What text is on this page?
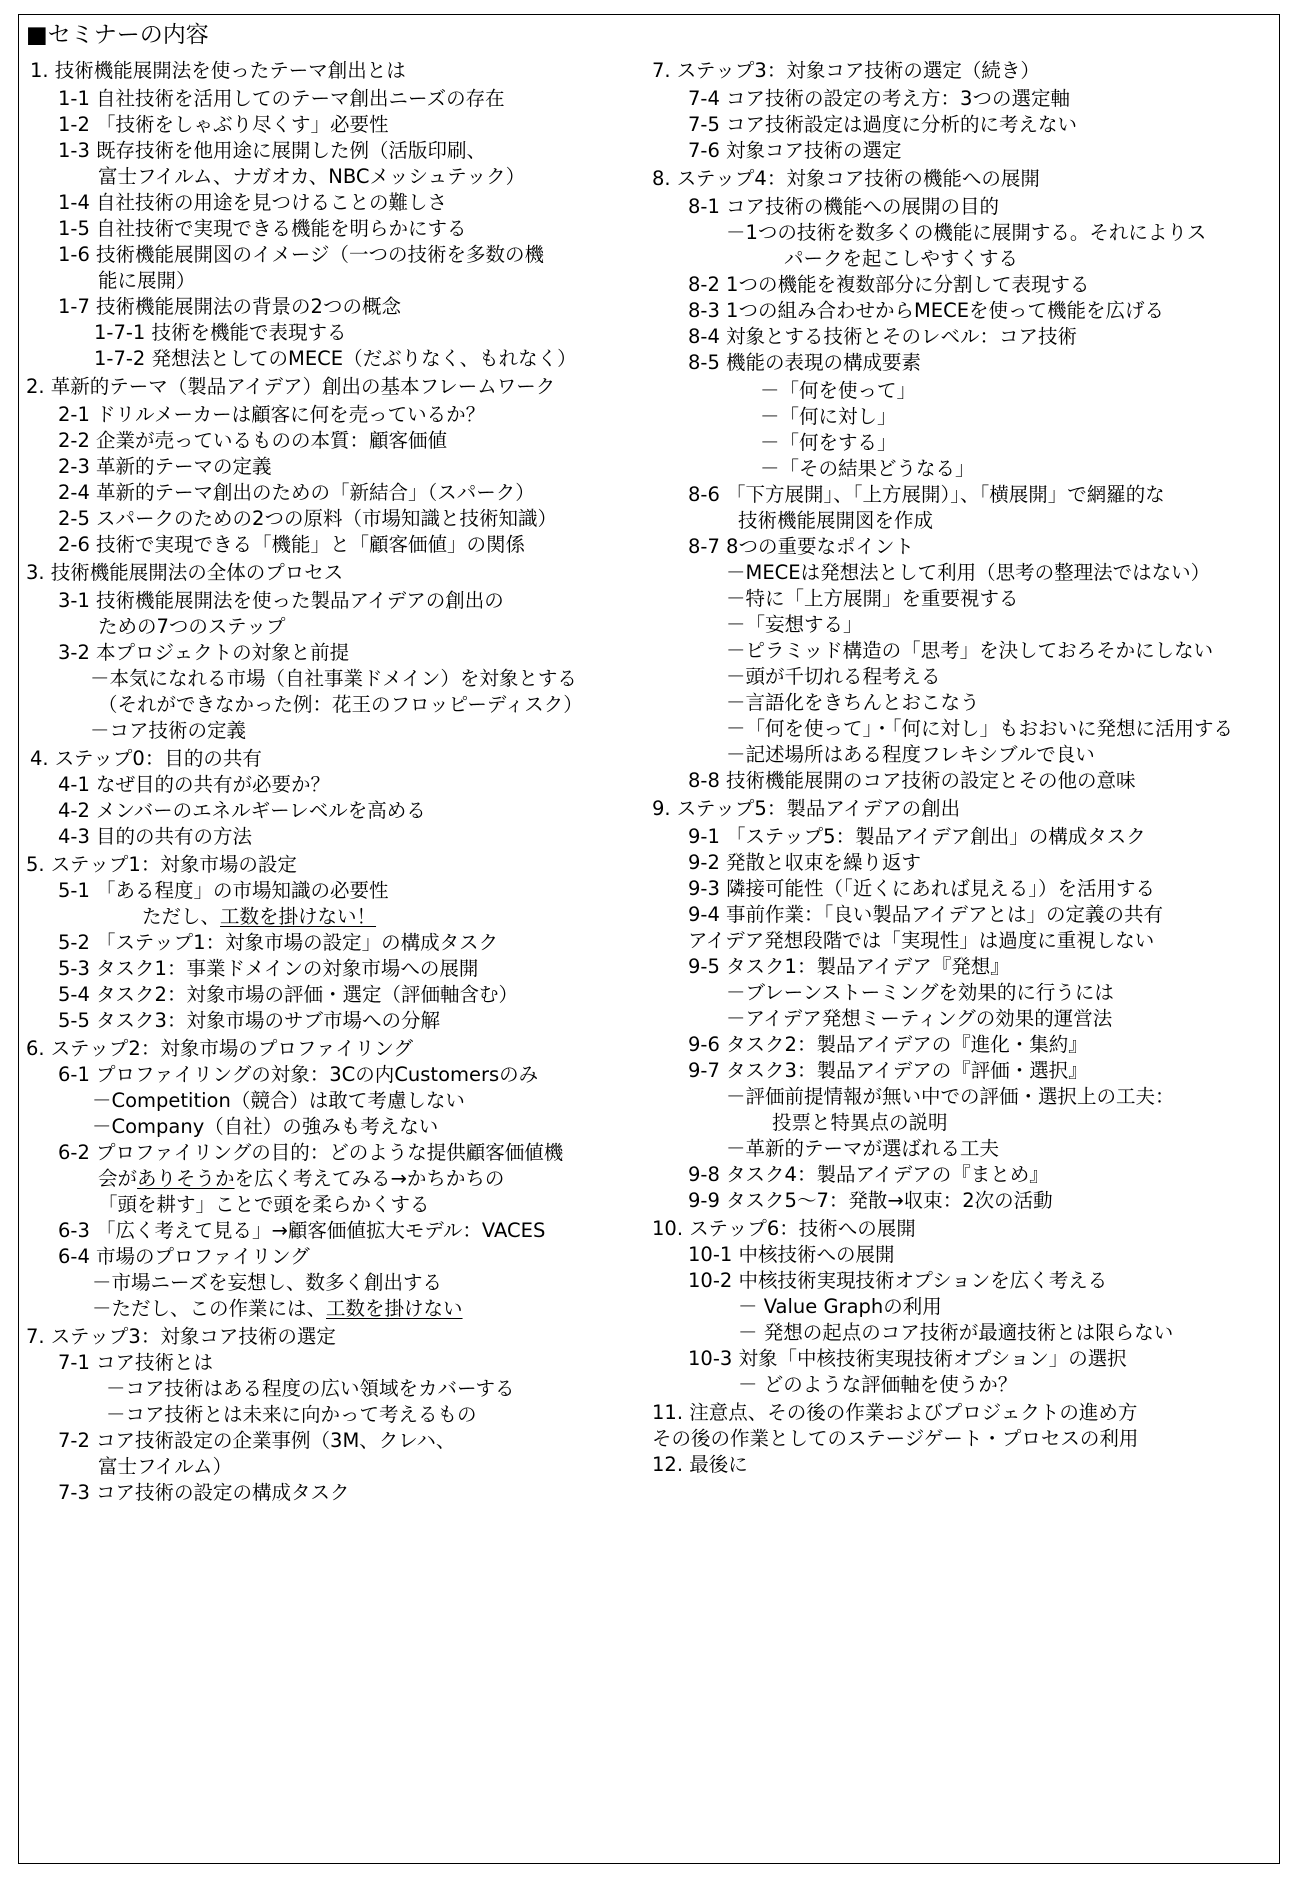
■セミナーの内容
1. 技術機能展開法を使ったテーマ創出とは
1-1 自社技術を活用してのテーマ創出ニーズの存在
1-2 「技術をしゃぶり尽くす」必要性
1-3 既存技術を他用途に展開した例（活版印刷、
富士フイルム、ナガオカ、NBCメッシュテック）
1-4 自社技術の用途を見つけることの難しさ
1-5 自社技術で実現できる機能を明らかにする
1-6 技術機能展開図のイメージ（一つの技術を多数の機
能に展開）
1-7 技術機能展開法の背景の2つの概念
1-7-1 技術を機能で表現する
1-7-2 発想法としてのMECE（だぶりなく、もれなく）
2. 革新的テーマ（製品アイデア）創出の基本フレームワーク
2-1 ドリルメーカーは顧客に何を売っているか？
2-2 企業が売っているものの本質：顧客価値
2-3 革新的テーマの定義
2-4 革新的テーマ創出のための「新結合」（スパーク）
2-5 スパークのための2つの原料（市場知識と技術知識）
2-6 技術で実現できる「機能」と「顧客価値」の関係
3. 技術機能展開法の全体のプロセス
3-1 技術機能展開法を使った製品アイデアの創出の
ための7つのステップ
3-2 本プロジェクトの対象と前提
－本気になれる市場（自社事業ドメイン）を対象とする
（それができなかった例：花王のフロッピーディスク）
－コア技術の定義
4. ステップ0：目的の共有
4-1 なぜ目的の共有が必要か？
4-2 メンバーのエネルギーレベルを高める
4-3 目的の共有の方法
5. ステップ1：対象市場の設定
5-1 「ある程度」の市場知識の必要性
ただし、工数を掛けない！
5-2 「ステップ1：対象市場の設定」の構成タスク
5-3 タスク1：事業ドメインの対象市場への展開
5-4 タスク2：対象市場の評価・選定（評価軸含む）
5-5 タスク3：対象市場のサブ市場への分解
6. ステップ2：対象市場のプロファイリング
6-1 プロファイリングの対象：3Cの内Customersのみ
－Competition（競合）は敢て考慮しない
－Company（自社）の強みも考えない
6-2 プロファイリングの目的：どのような提供顧客価値機
会がありそうかを広く考えてみる→かちかちの
「頭を耕す」ことで頭を柔らかくする
6-3 「広く考えて見る」→顧客価値拡大モデル：VACES
6-4 市場のプロファイリング
－市場ニーズを妄想し、数多く創出する
－ただし、この作業には、工数を掛けない
7. ステップ3：対象コア技術の選定
7-1 コア技術とは
－コア技術はある程度の広い領域をカバーする
－コア技術とは未来に向かって考えるもの
7-2 コア技術設定の企業事例（3M、クレハ、
富士フイルム）
7-3 コア技術の設定の構成タスク
7. ステップ3：対象コア技術の選定（続き）
7-4 コア技術の設定の考え方：3つの選定軸
7-5 コア技術設定は過度に分析的に考えない
7-6 対象コア技術の選定
8. ステップ4：対象コア技術の機能への展開
8-1 コア技術の機能への展開の目的
－1つの技術を数多くの機能に展開する。それによりス
パークを起こしやすくする
8-2 1つの機能を複数部分に分割して表現する
8-3 1つの組み合わせからMECEを使って機能を広げる
8-4 対象とする技術とそのレベル：コア技術
8-5 機能の表現の構成要素
－「何を使って」
－「何に対し」
－「何をする」
－「その結果どうなる」
8-6 「下方展開」、「上方展開）」、「横展開」で網羅的な
技術機能展開図を作成
8-7 8つの重要なポイント
－MECEは発想法として利用（思考の整理法ではない）
－特に「上方展開」を重要視する
－「妄想する」
－ピラミッド構造の「思考」を決しておろそかにしない
－頭が千切れる程考える
－言語化をきちんとおこなう
－「何を使って」・「何に対し」もおおいに発想に活用する
－記述場所はある程度フレキシブルで良い
8-8 技術機能展開のコア技術の設定とその他の意味
9. ステップ5：製品アイデアの創出
9-1 「ステップ5：製品アイデア創出」の構成タスク
9-2 発散と収束を繰り返す
9-3 隣接可能性（「近くにあれば見える」）を活用する
9-4 事前作業：「良い製品アイデアとは」の定義の共有
アイデア発想段階では「実現性」は過度に重視しない
9-5 タスク1：製品アイデア『発想』
－ブレーンストーミングを効果的に行うには
－アイデア発想ミーティングの効果的運営法
9-6 タスク2：製品アイデアの『進化・集約』
9-7 タスク3：製品アイデアの『評価・選択』
－評価前提情報が無い中での評価・選択上の工夫：
投票と特異点の説明
－革新的テーマが選ばれる工夫
9-8 タスク4：製品アイデアの『まとめ』
9-9 タスク5～7：発散→収束：2次の活動
10. ステップ6：技術への展開
10-1 中核技術への展開
10-2 中核技術実現技術オプションを広く考える
－ Value Graphの利用
－ 発想の起点のコア技術が最適技術とは限らない
10-3 対象「中核技術実現技術オプション」の選択
－ どのような評価軸を使うか？
11. 注意点、その後の作業およびプロジェクトの進め方
その後の作業としてのステージゲート・プロセスの利用
12. 最後に
